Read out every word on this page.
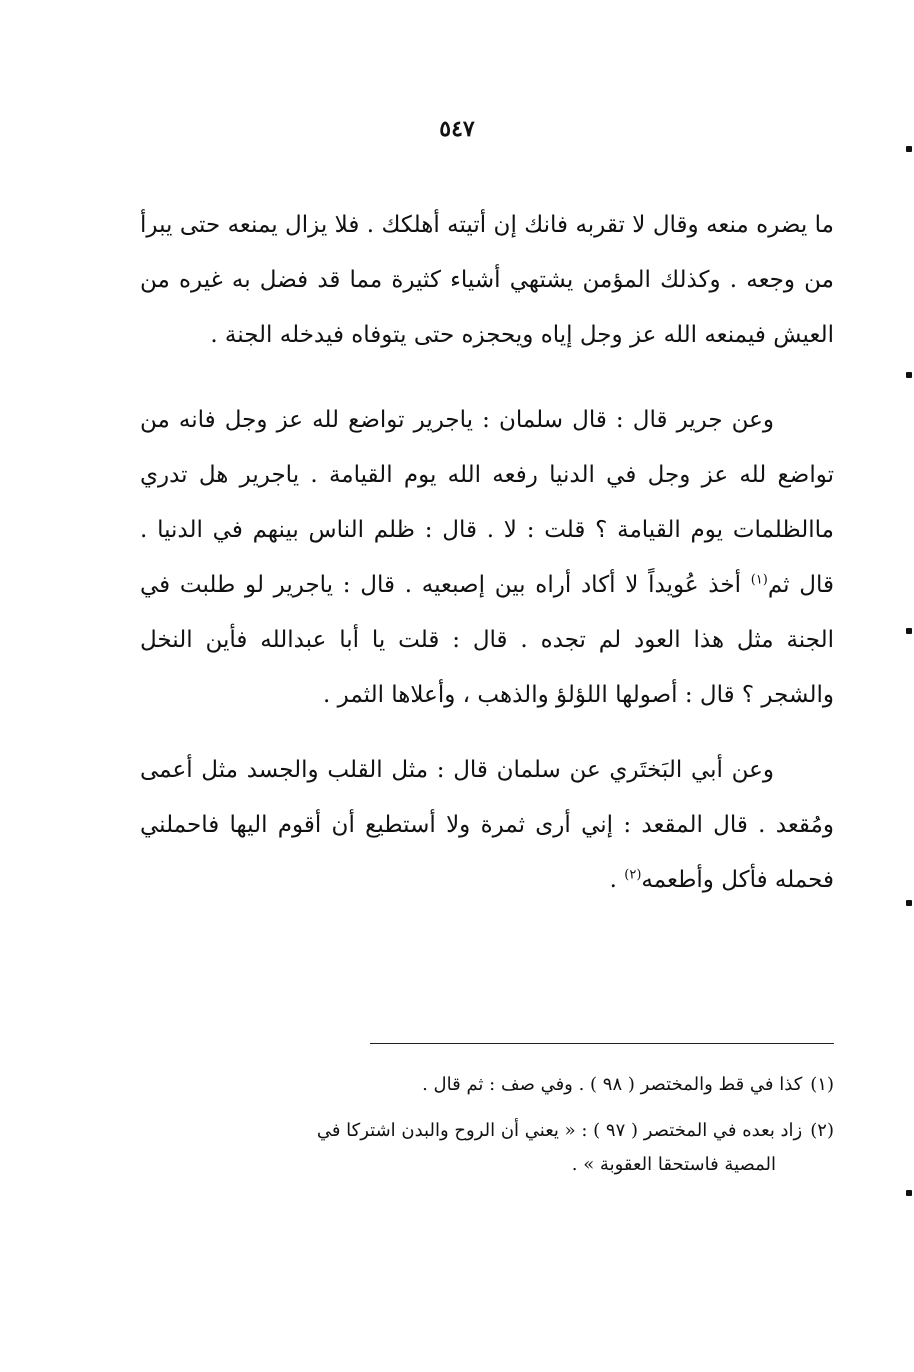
٥٤٧

ما يضره منعه وقال لا تقربه فانك إن أتيته أهلكك . فلا يزال يمنعه حتى يبرأ من وجعه . وكذلك المؤمن يشتهي أشياء كثيرة مما قد فضل به غيره من العيش فيمنعه الله عز وجل إياه ويحجزه حتى يتوفاه فيدخله الجنة .

وعن جرير قال : قال سلمان : ياجرير تواضع لله عز وجل فانه من تواضع لله عز وجل في الدنيا رفعه الله يوم القيامة . ياجرير هل تدري ماالظلمات يوم القيامة ؟ قلت : لا . قال : ظلم الناس بينهم في الدنيا . قال ثم$^{(١)}$ أخذ عُويداً لا أكاد أراه بين إصبعيه . قال : ياجرير لو طلبت في الجنة مثل هذا العود لم تجده . قال : قلت يا أبا عبدالله فأين النخل والشجر ؟ قال : أصولها اللؤلؤ والذهب ، وأعلاها الثمر .

وعن أبي البَختَري عن سلمان قال : مثل القلب والجسد مثل أعمى ومُقعد . قال المقعد : إني أرى ثمرة ولا أستطيع أن أقوم اليها فاحملني فحمله فأكل وأطعمه$^{(٢)}$ .

(١)كذا في قط والمختصر ( ٩٨ ) . وفي صف : ثم قال .

(٢)زاد بعده في المختصر ( ٩٧ ) : « يعني أن الروح والبدن اشتركا في
المصية فاستحقا العقوبة » .
